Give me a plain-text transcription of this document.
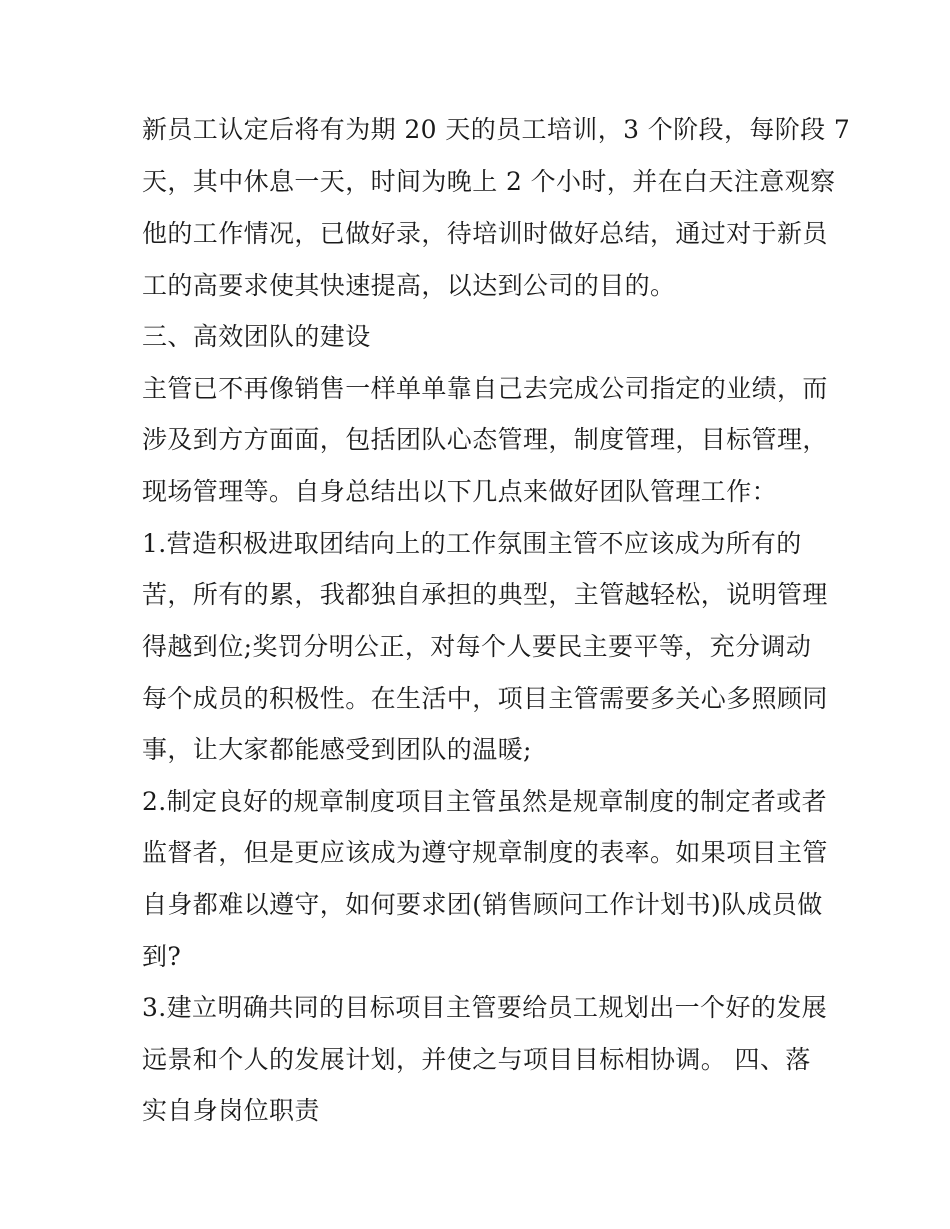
新员工认定后将有为期 20 天的员工培训，3 个阶段，每阶段 7
天，其中休息一天，时间为晚上 2 个小时，并在白天注意观察
他的工作情况，已做好录，待培训时做好总结，通过对于新员
工的高要求使其快速提高，以达到公司的目的。
三、高效团队的建设
主管已不再像销售一样单单靠自己去完成公司指定的业绩，而
涉及到方方面面，包括团队心态管理，制度管理，目标管理，
现场管理等。自身总结出以下几点来做好团队管理工作：
1.营造积极进取团结向上的工作氛围主管不应该成为所有的
苦，所有的累，我都独自承担的典型，主管越轻松，说明管理
得越到位;奖罚分明公正，对每个人要民主要平等，充分调动
每个成员的积极性。在生活中，项目主管需要多关心多照顾同
事，让大家都能感受到团队的温暖;
2.制定良好的规章制度项目主管虽然是规章制度的制定者或者
监督者，但是更应该成为遵守规章制度的表率。如果项目主管
自身都难以遵守，如何要求团(销售顾问工作计划书)队成员做
到?
3.建立明确共同的目标项目主管要给员工规划出一个好的发展
远景和个人的发展计划，并使之与项目目标相协调。 四、落
实自身岗位职责
